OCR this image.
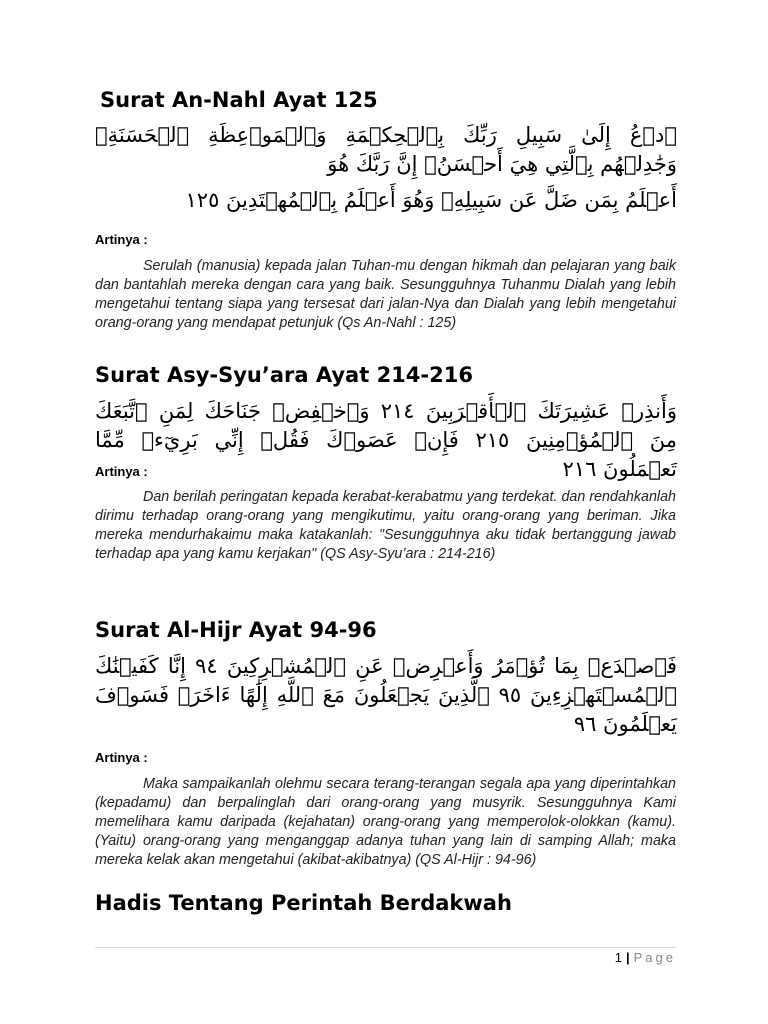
Surat An-Nahl Ayat 125

ٱدۡعُ إِلَىٰ سَبِيلِ رَبِّكَ بِٱلۡحِكۡمَةِ وَٱلۡمَوۡعِظَةِ ٱلۡحَسَنَةِۖ وَجَٰدِلۡهُم بِٱلَّتِي هِيَ أَحۡسَنُۚ إِنَّ رَبَّكَ هُوَ

أَعۡلَمُ بِمَن ضَلَّ عَن سَبِيلِهِۦ وَهُوَ أَعۡلَمُ بِٱلۡمُهۡتَدِينَ ١٢٥

Artinya :

Serulah (manusia) kepada jalan Tuhan-mu dengan hikmah dan pelajaran yang baik dan bantahlah mereka dengan cara yang baik. Sesungguhnya Tuhanmu Dialah yang lebih mengetahui tentang siapa yang tersesat dari jalan-Nya dan Dialah yang lebih mengetahui orang-orang yang mendapat petunjuk (Qs An-Nahl : 125)

Surat Asy-Syu’ara Ayat 214-216

وَأَنذِرۡ عَشِيرَتَكَ ٱلۡأَقۡرَبِينَ ٢١٤ وَٱخۡفِضۡ جَنَاحَكَ لِمَنِ ٱتَّبَعَكَ مِنَ ٱلۡمُؤۡمِنِينَ ٢١٥ فَإِنۡ عَصَوۡكَ فَقُلۡ إِنِّي بَرِيٓءٞ مِّمَّا تَعۡمَلُونَ ٢١٦

Artinya :

Dan berilah peringatan kepada kerabat-kerabatmu yang terdekat. dan rendahkanlah dirimu terhadap orang-orang yang mengikutimu, yaitu orang-orang yang beriman. Jika mereka mendurhakaimu maka katakanlah: "Sesungguhnya aku tidak bertanggung jawab terhadap apa yang kamu kerjakan" (QS Asy-Syu’ara : 214-216)

Surat Al-Hijr Ayat 94-96

فَٱصۡدَعۡ بِمَا تُؤۡمَرُ وَأَعۡرِضۡ عَنِ ٱلۡمُشۡرِكِينَ ٩٤ إِنَّا كَفَيۡنَٰكَ ٱلۡمُسۡتَهۡزِءِينَ ٩٥ ٱلَّذِينَ يَجۡعَلُونَ مَعَ ٱللَّهِ إِلَٰهًا ءَاخَرَۚ فَسَوۡفَ يَعۡلَمُونَ ٩٦

Artinya :

Maka sampaikanlah olehmu secara terang-terangan segala apa yang diperintahkan (kepadamu) dan berpalinglah dari orang-orang yang musyrik. Sesungguhnya Kami memelihara kamu daripada (kejahatan) orang-orang yang memperolok-olokkan (kamu). (Yaitu) orang-orang yang menganggap adanya tuhan yang lain di samping Allah; maka mereka kelak akan mengetahui (akibat-akibatnya) (QS Al-Hijr : 94-96)

Hadis Tentang Perintah Berdakwah
1 | Page
